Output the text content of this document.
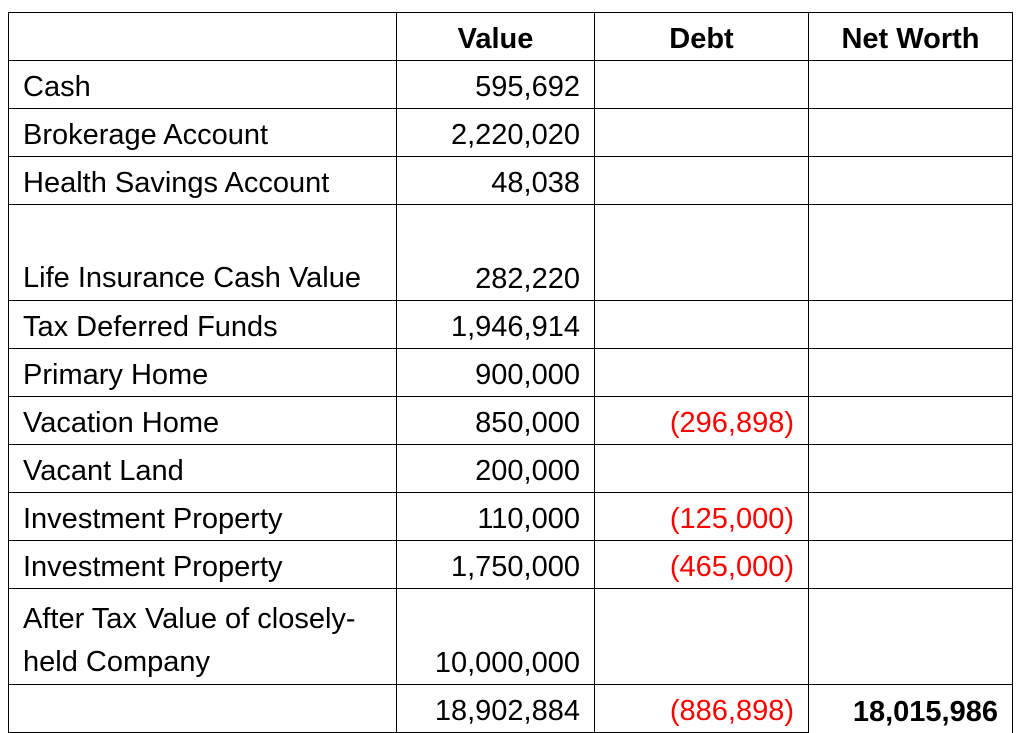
	Value	Debt	Net Worth
Cash	595,692		
Brokerage Account	2,220,020		
Health Savings Account	48,038		
Life Insurance Cash Value	282,220		
Tax Deferred Funds	1,946,914		
Primary Home	900,000		
Vacation Home	850,000	(296,898)	
Vacant Land	200,000		
Investment Property	110,000	(125,000)	
Investment Property	1,750,000	(465,000)	
After Tax Value of closely-held Company	10,000,000		
	18,902,884	(886,898)	18,015,986
